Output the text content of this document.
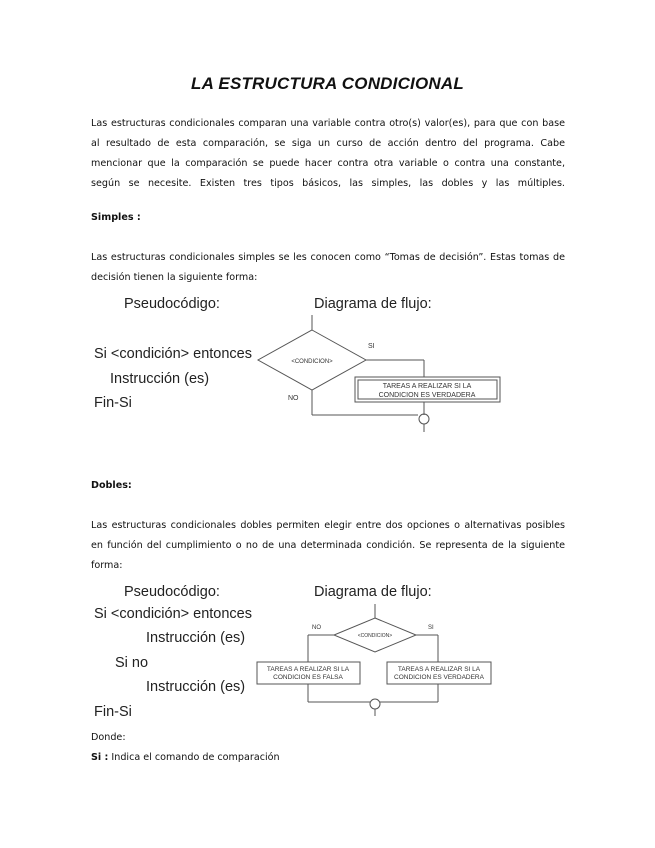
LA ESTRUCTURA CONDICIONAL

Las estructuras condicionales comparan una variable contra otro(s) valor(es), para que con base al resultado de esta comparación, se siga un curso de acción dentro del programa. Cabe mencionar que la comparación se puede hacer contra otra variable o contra una constante, según se necesite. Existen tres tipos básicos, las simples, las dobles y las múltiples.

Simples :

Las estructuras condicionales simples se les conocen como “Tomas de decisión”. Estas tomas de decisión tienen la siguiente forma:

Pseudocódigo:	Diagrama de flujo:
Si <condición> entonces
Instrucción (es)
Fin-Si
<CONDICION>
SI
NO
TAREAS A REALIZAR SI LA
CONDICION ES VERDADERA

Dobles:

Las estructuras condicionales dobles permiten elegir entre dos opciones o alternativas posibles en función del cumplimiento o no de una determinada condición. Se representa de la siguiente forma:

Pseudocódigo:	Diagrama de flujo:
Si <condición> entonces
Instrucción (es)
Si no
Instrucción (es)
Fin-Si
<CONDICION>
NO	SI
TAREAS A REALIZAR SI LA
CONDICION ES FALSA
TAREAS A REALIZAR SI LA
CONDICION ES VERDADERA

Donde:

Si : Indica el comando de comparación
